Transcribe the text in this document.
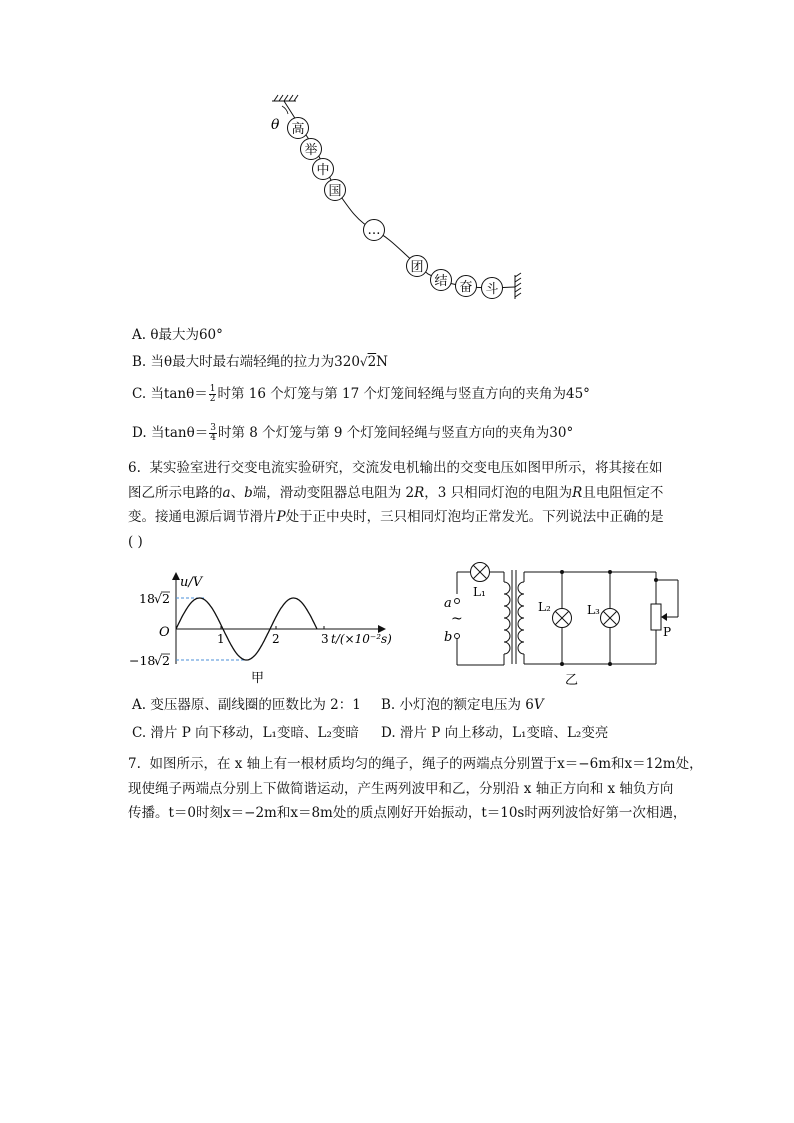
θ 高
举
中
国
…
团
结 奋 斗
A. θ最大为60°
B. 当θ最大时最右端轻绳的拉力为320√2N
C. 当$\tan\theta= \frac{1}{2}$ 时第 16 个灯笼与第 17 个灯笼间轻绳与竖直方向的夹角为45°
D. 当$\tan\theta= \frac{3}{4}$ 时第 8 个灯笼与第 9 个灯笼间轻绳与竖直方向的夹角为30°

6. 某实验室进行交变电流实验研究，交流发电机输出的交变电压如图甲所示，将其接在如

图乙所示电路的a、b端，滑动变阻器总电阻为 2R，3 只相同灯泡的电阻为R且电阻恒定不

变。接通电源后调节滑片P处于正中央时，三只相同灯泡均正常发光。下列说法中正确的是

( )

u/V
O
18 √ 2
−18
√ 2
1	2	3 t/(×10⁻²s)
甲
a
b
~
L₁
L₂	L₃
P
乙
A. 变压器原、副线圈的匝数比为 2：1 B. 小灯泡的额定电压为 6V
C. 滑片 P 向下移动，L₁变暗、L₂变暗 D. 滑片 P 向上移动，L₁变暗、L₂变亮

7. 如图所示，在 x 轴上有一根材质均匀的绳子，绳子的两端点分别置于x＝−6m和x＝12m处，

现使绳子两端点分别上下做简谐运动，产生两列波甲和乙，分别沿 x 轴正方向和 x 轴负方向

传播。t＝0时刻x＝−2m和x＝8m处的质点刚好开始振动，t＝10s时两列波恰好第一次相遇，
